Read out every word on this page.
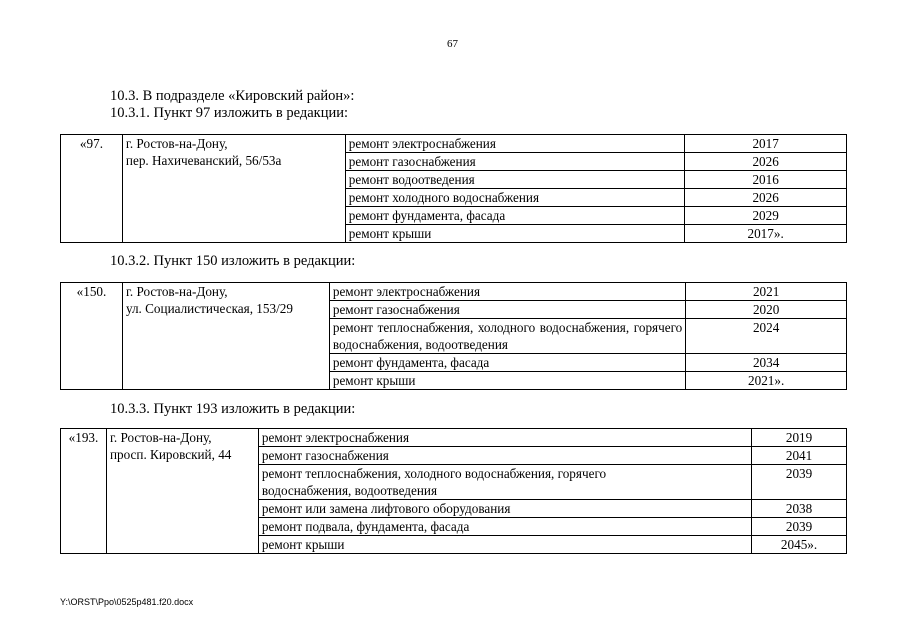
67
10.3. В подразделе «Кировский район»:
10.3.1. Пункт 97 изложить в редакции:
«97.	г. Ростов-на-Дону,
пер. Нахичеванский, 56/53а	ремонт электроснабжения	2017
		ремонт газоснабжения	2026
		ремонт водоотведения	2016
		ремонт холодного водоснабжения	2026
		ремонт фундамента, фасада	2029
		ремонт крыши	2017».
10.3.2. Пункт 150 изложить в редакции:
«150.	г. Ростов-на-Дону,
ул. Социалистическая, 153/29	ремонт электроснабжения	2021
		ремонт газоснабжения	2020
		ремонт теплоснабжения, холодного водоснабжения, горячего водоснабжения, водоотведения	2024
		ремонт фундамента, фасада	2034
		ремонт крыши	2021».
10.3.3. Пункт 193 изложить в редакции:
«193.	г. Ростов-на-Дону,
просп. Кировский, 44	ремонт электроснабжения	2019
		ремонт газоснабжения	2041
		ремонт теплоснабжения, холодного водоснабжения, горячего водоснабжения, водоотведения	2039
		ремонт или замена лифтового оборудования	2038
		ремонт подвала, фундамента, фасада	2039
		ремонт крыши	2045».
Y:\ORST\Ppo\0525p481.f20.docx
